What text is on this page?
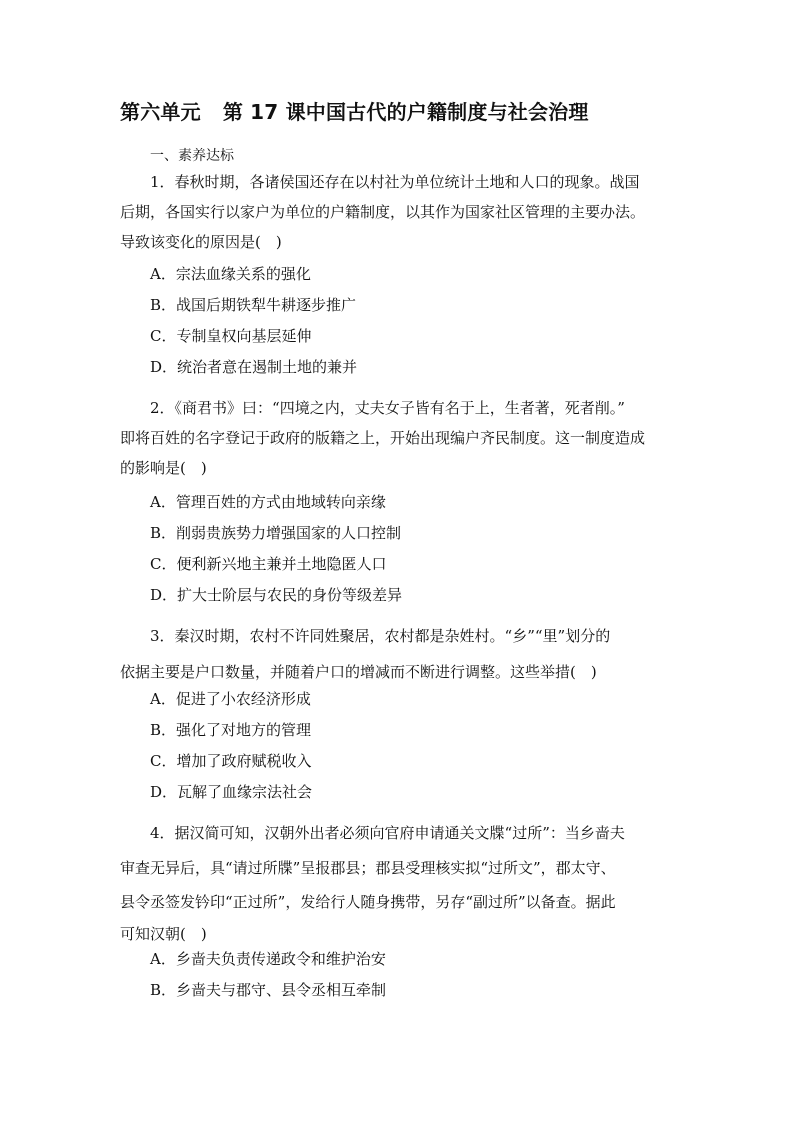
第六单元 第 17 课中国古代的户籍制度与社会治理
一、素养达标
1．春秋时期，各诸侯国还存在以村社为单位统计土地和人口的现象。战国
后期，各国实行以家户为单位的户籍制度，以其作为国家社区管理的主要办法。
导致该变化的原因是(　)
A．宗法血缘关系的强化
B．战国后期铁犁牛耕逐步推广
C．专制皇权向基层延伸
D．统治者意在遏制土地的兼并
2．《商君书》曰：“四境之内，丈夫女子皆有名于上，生者著，死者削。”
即将百姓的名字登记于政府的版籍之上，开始出现编户齐民制度。这一制度造成
的影响是(　)
A．管理百姓的方式由地域转向亲缘
B．削弱贵族势力增强国家的人口控制
C．便利新兴地主兼并土地隐匿人口
D．扩大士阶层与农民的身份等级差异
3．秦汉时期，农村不许同姓聚居，农村都是杂姓村。“乡”“里”划分的
依据主要是户口数量，并随着户口的增减而不断进行调整。这些举措(　)
A．促进了小农经济形成
B．强化了对地方的管理
C．增加了政府赋税收入
D．瓦解了血缘宗法社会
4．据汉简可知，汉朝外出者必须向官府申请通关文牒“过所”：当乡啬夫
审查无异后，具“请过所牒”呈报郡县；郡县受理核实拟“过所文”，郡太守、
县令丞签发钤印“正过所”，发给行人随身携带，另存“副过所”以备查。据此
可知汉朝(　)
A．乡啬夫负责传递政令和维护治安
B．乡啬夫与郡守、县令丞相互牵制
